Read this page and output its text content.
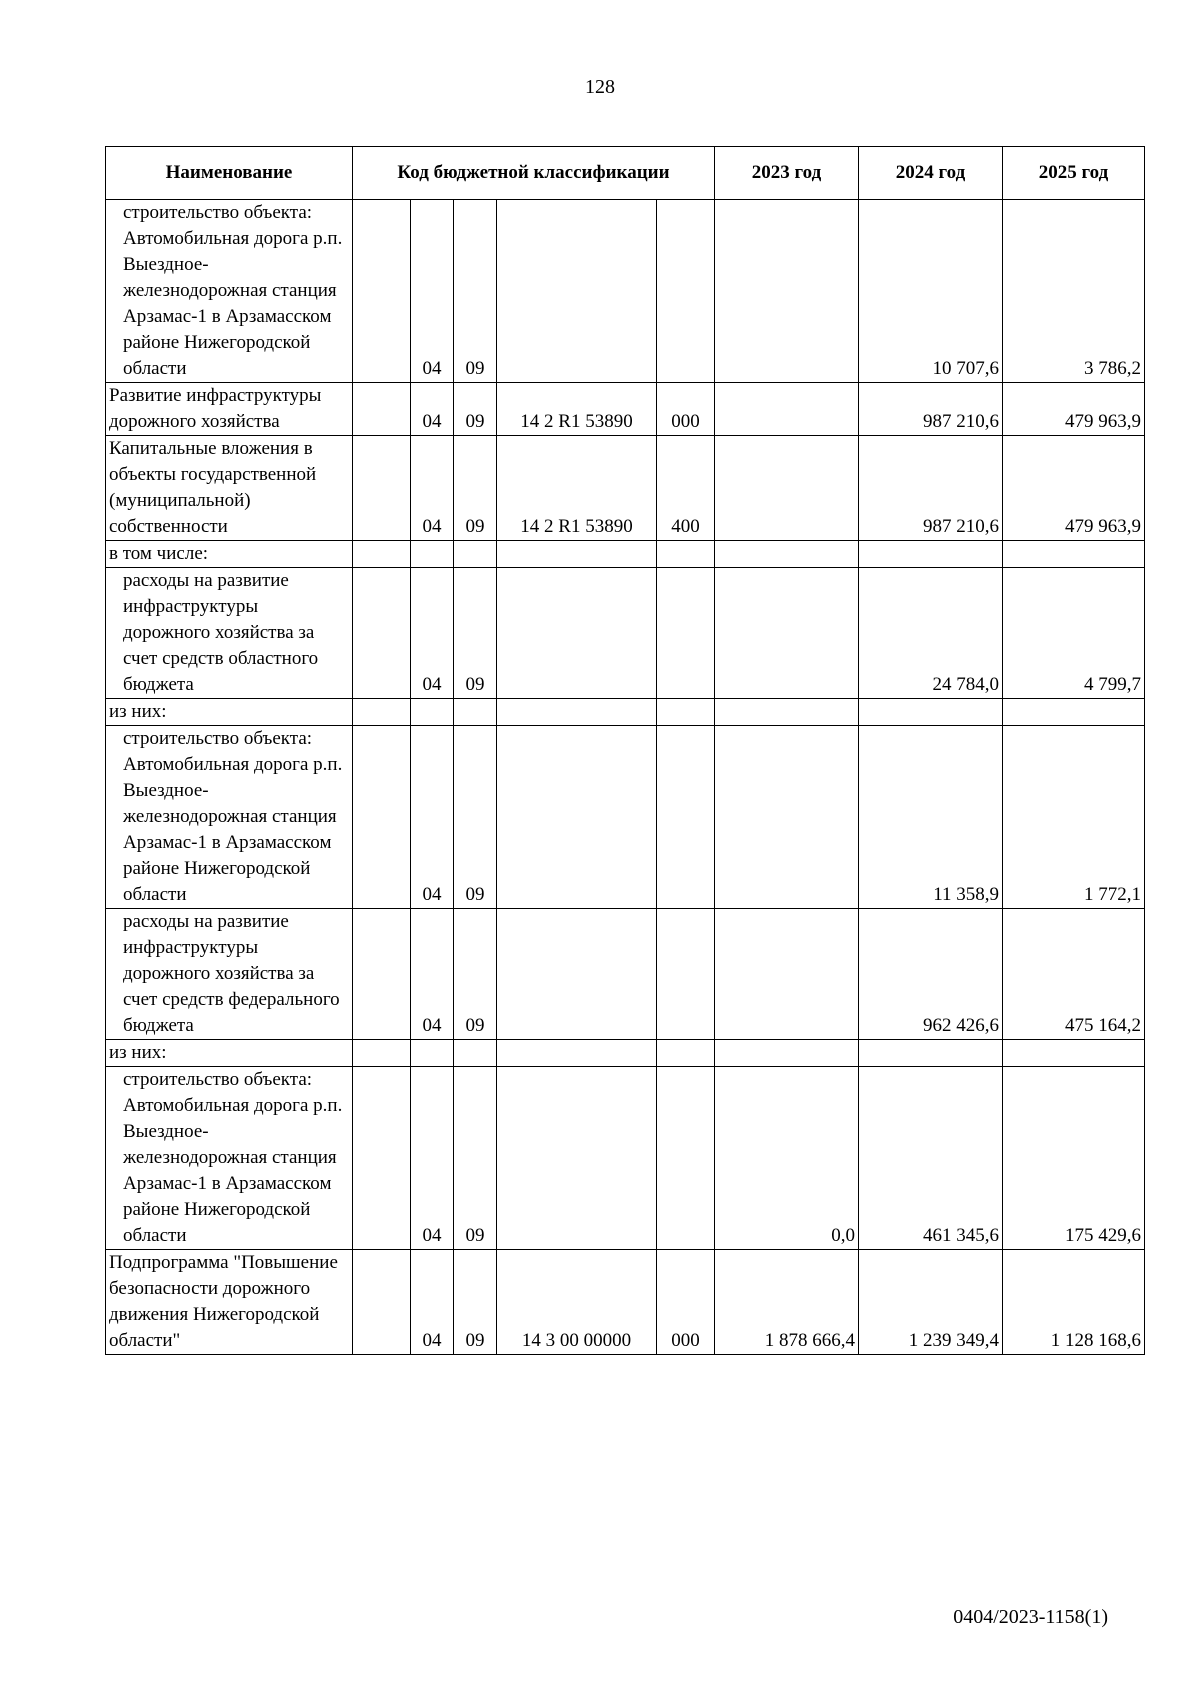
128
Наименование	Код бюджетной классификации					2023 год	2024 год	2025 год

строительство объекта: Автомобильная дорога р.п. Выездное-железнодорожная станция Арзамас-1 в Арзамасском районе Нижегородской области		04	09				10 707,6	3 786,2

Развитие инфраструктуры дорожного хозяйства		04	09	14 2 R1 53890	000		987 210,6	479 963,9

Капитальные вложения в объекты государственной (муниципальной) собственности		04	09	14 2 R1 53890	400		987 210,6	479 963,9

в том числе:								

расходы на развитие инфраструктуры дорожного хозяйства за счет средств областного бюджета		04	09				24 784,0	4 799,7

из них:								

строительство объекта: Автомобильная дорога р.п. Выездное-железнодорожная станция Арзамас-1 в Арзамасском районе Нижегородской области		04	09				11 358,9	1 772,1

расходы на развитие инфраструктуры дорожного хозяйства за счет средств федерального бюджета		04	09				962 426,6	475 164,2

из них:								

строительство объекта: Автомобильная дорога р.п. Выездное-железнодорожная станция Арзамас-1 в Арзамасском районе Нижегородской области		04	09			0,0	461 345,6	175 429,6

Подпрограмма "Повышение безопасности дорожного движения Нижегородской области"		04	09	14 3 00 00000	000	1 878 666,4	1 239 349,4	1 128 168,6
0404/2023-1158(1)
